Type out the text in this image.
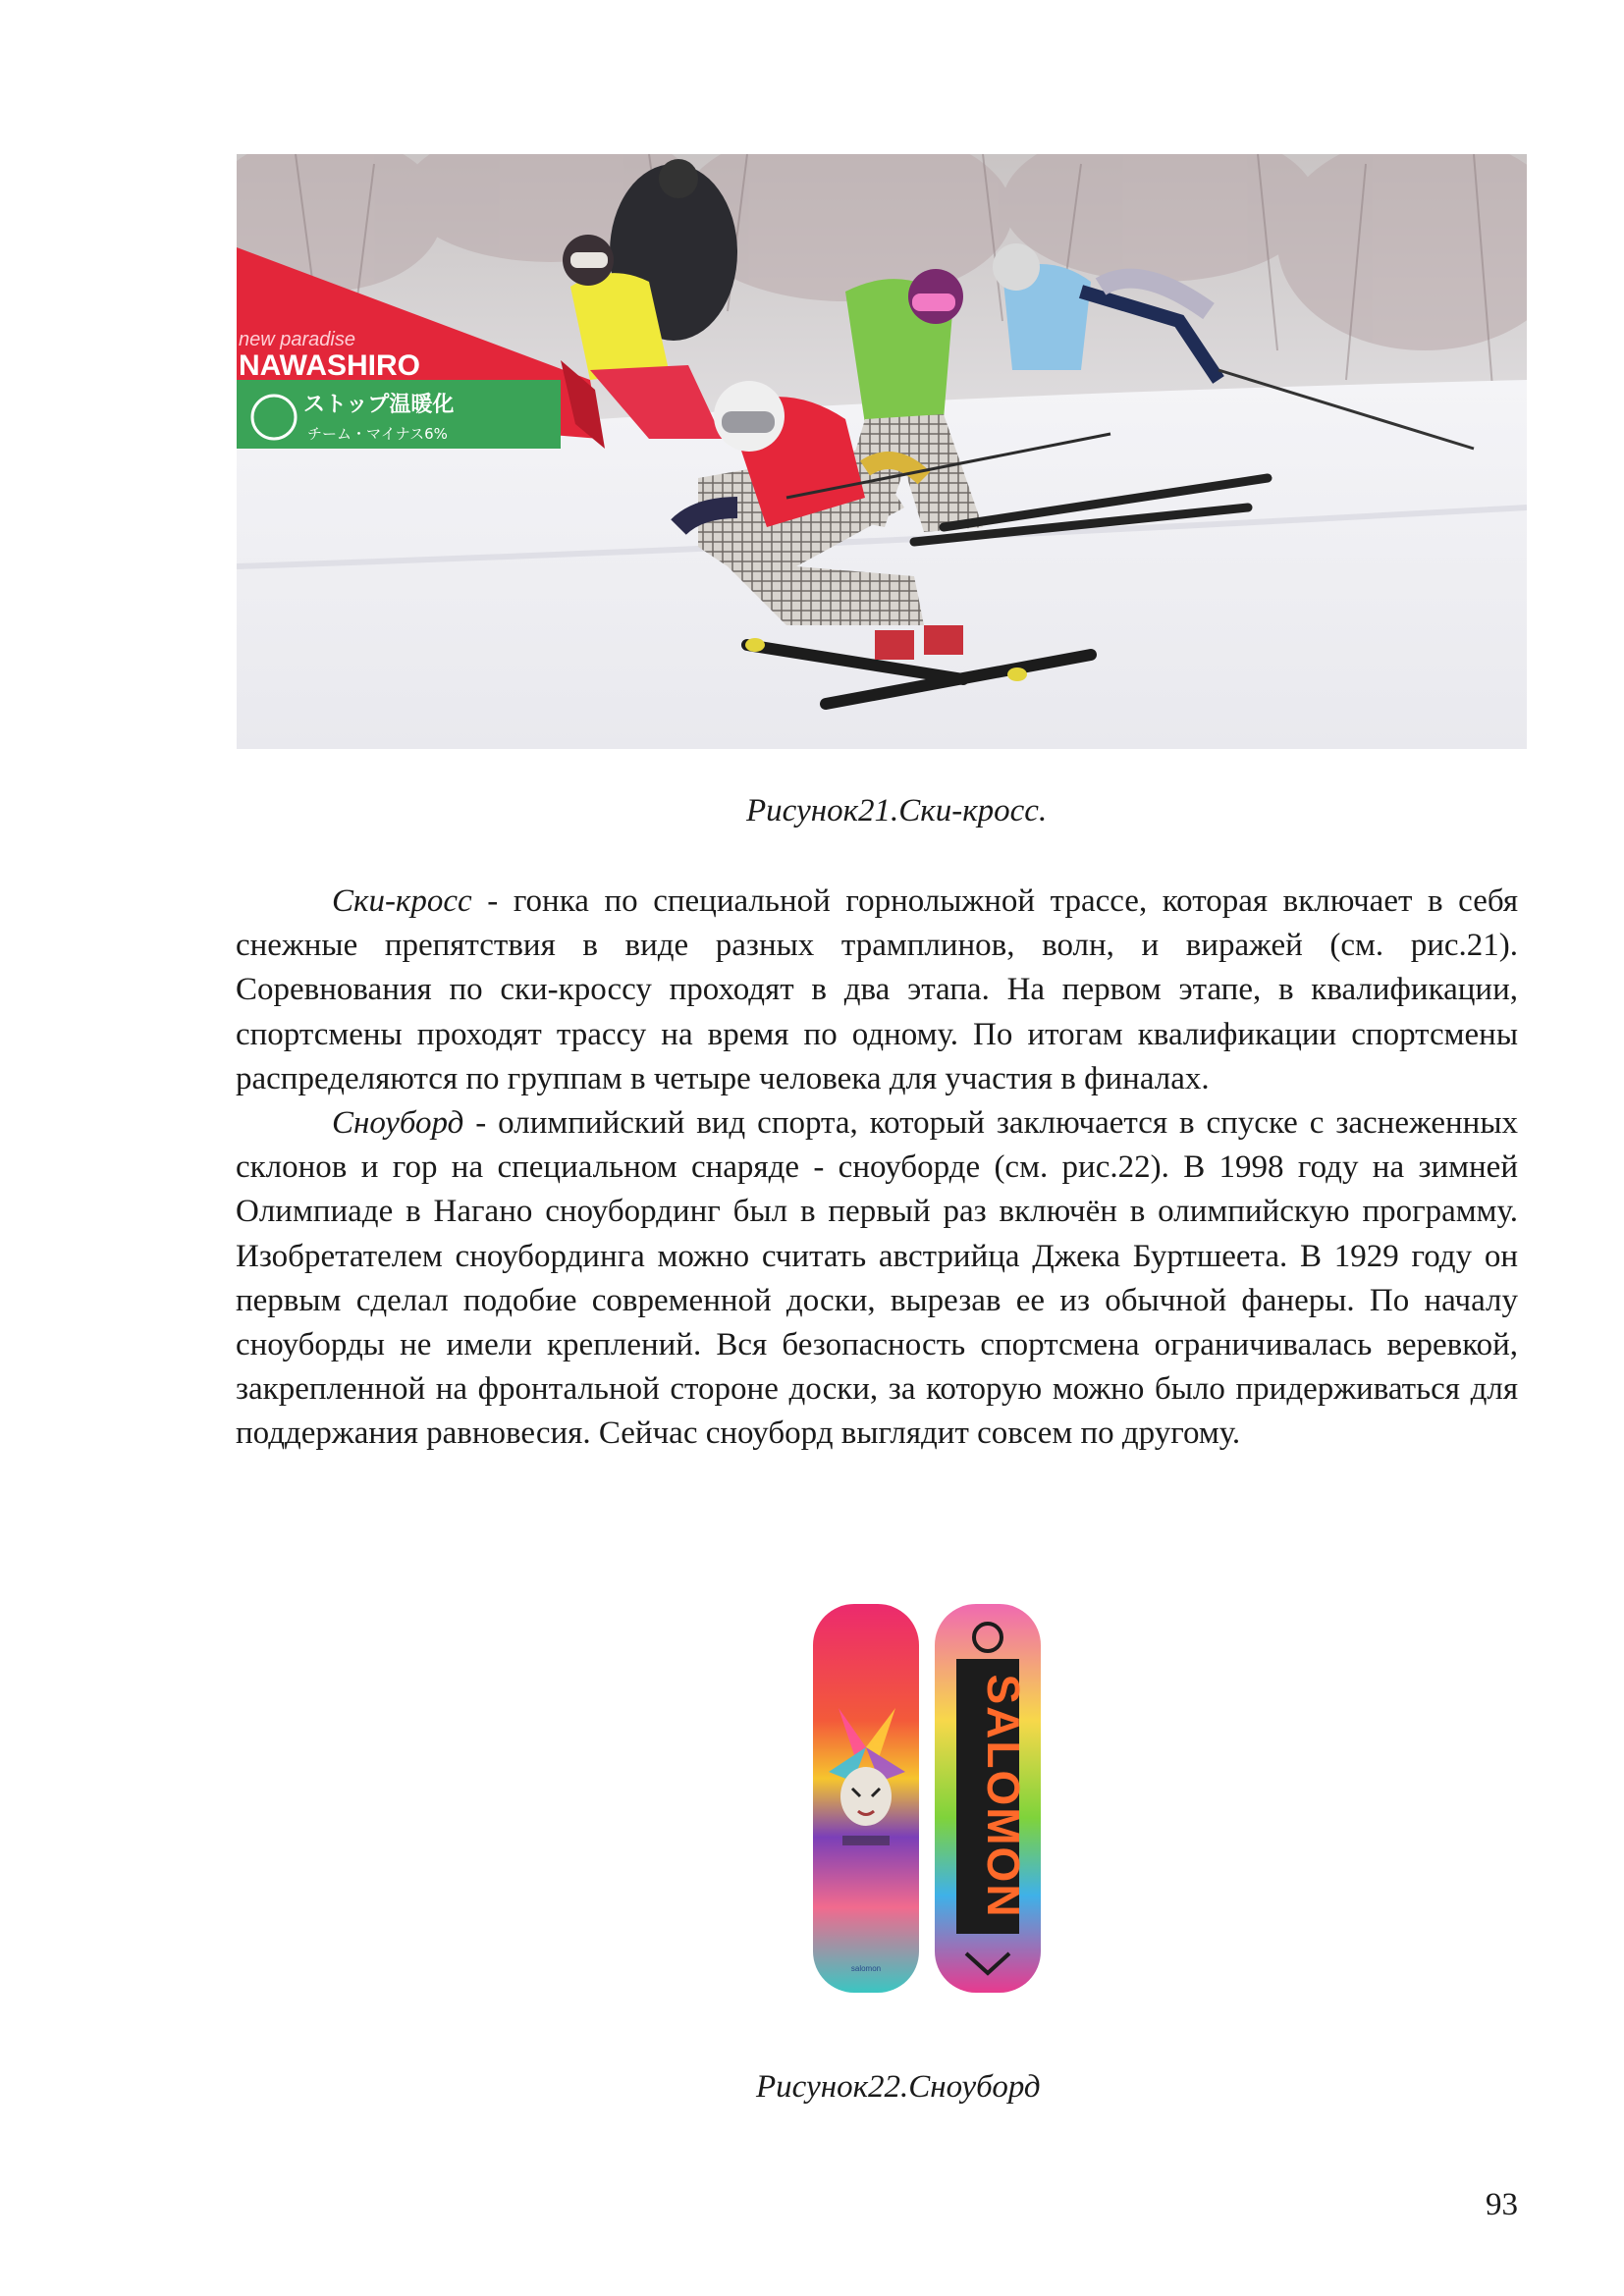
new paradise
NAWASHIRO
ストップ温暖化
チーム・マイナス6%

Рисунок21.Ски-кросс.

Ски-кросс - гонка по специальной горнолыжной трассе, которая включает в себя снежные препятствия в виде разных трамплинов, волн, и виражей (см. рис.21). Соревнования по ски-кроссу проходят в два этапа. На первом этапе, в квалификации, спортсмены проходят трассу на время по одному. По итогам квалификации спортсмены распределяются по группам в четыре человека для участия в финалах.

Сноуборд - олимпийский вид спорта, который заключается в спуске с заснеженных склонов и гор на специальном снаряде - сноуборде (см. рис.22). В 1998 году на зимней Олимпиаде в Нагано сноубординг был в первый раз включён в олимпийскую программу. Изобретателем сноубординга можно считать австрийца Джека Буртшеета. В 1929 году он первым сделал подобие современной доски, вырезав ее из обычной фанеры. По началу сноуборды не имели креплений. Вся безопасность спортсмена ограничивалась веревкой, закрепленной на фронтальной стороне доски, за которую можно было придерживаться для поддержания равновесия. Сейчас сноуборд выглядит совсем по другому.

salomon
SALOMON

Рисунок22.Сноуборд

93
